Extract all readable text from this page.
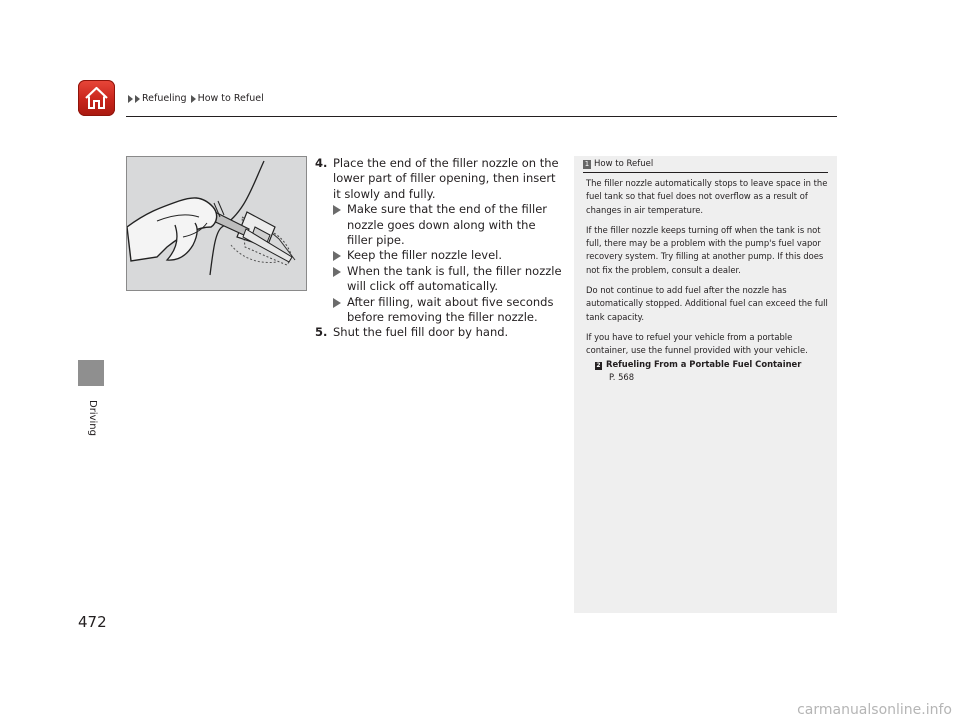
Refueling How to Refuel
Driving
472
4. Place the end of the filler nozzle on the lower part of filler opening, then insert it slowly and fully.
Make sure that the end of the filler nozzle goes down along with the filler pipe.
Keep the filler nozzle level.
When the tank is full, the filler nozzle will click off automatically.
After filling, wait about five seconds before removing the filler nozzle.
5. Shut the fuel fill door by hand.
1 How to Refuel

The filler nozzle automatically stops to leave space in the fuel tank so that fuel does not overflow as a result of changes in air temperature.

If the filler nozzle keeps turning off when the tank is not full, there may be a problem with the pump's fuel vapor recovery system. Try filling at another pump. If this does not fix the problem, consult a dealer.

Do not continue to add fuel after the nozzle has automatically stopped. Additional fuel can exceed the full tank capacity.

If you have to refuel your vehicle from a portable container, use the funnel provided with your vehicle.

2 Refueling From a Portable Fuel Container
P. 568
carmanualsonline.info
